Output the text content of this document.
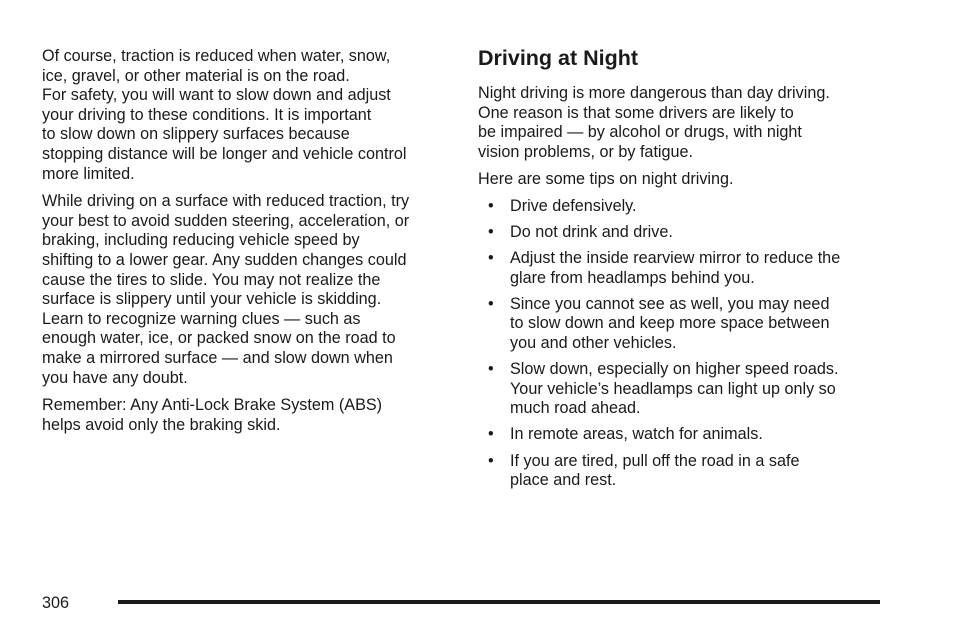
Of course, traction is reduced when water, snow,
ice, gravel, or other material is on the road.
For safety, you will want to slow down and adjust
your driving to these conditions. It is important
to slow down on slippery surfaces because
stopping distance will be longer and vehicle control
more limited.

While driving on a surface with reduced traction, try
your best to avoid sudden steering, acceleration, or
braking, including reducing vehicle speed by
shifting to a lower gear. Any sudden changes could
cause the tires to slide. You may not realize the
surface is slippery until your vehicle is skidding.
Learn to recognize warning clues — such as
enough water, ice, or packed snow on the road to
make a mirrored surface — and slow down when
you have any doubt.

Remember: Any Anti-Lock Brake System (ABS)
helps avoid only the braking skid.

Driving at Night

Night driving is more dangerous than day driving.
One reason is that some drivers are likely to
be impaired — by alcohol or drugs, with night
vision problems, or by fatigue.

Here are some tips on night driving.

• Drive defensively.
• Do not drink and drive.
• Adjust the inside rearview mirror to reduce the
glare from headlamps behind you.
• Since you cannot see as well, you may need
to slow down and keep more space between
you and other vehicles.
• Slow down, especially on higher speed roads.
Your vehicle’s headlamps can light up only so
much road ahead.
• In remote areas, watch for animals.
• If you are tired, pull off the road in a safe
place and rest.
306
